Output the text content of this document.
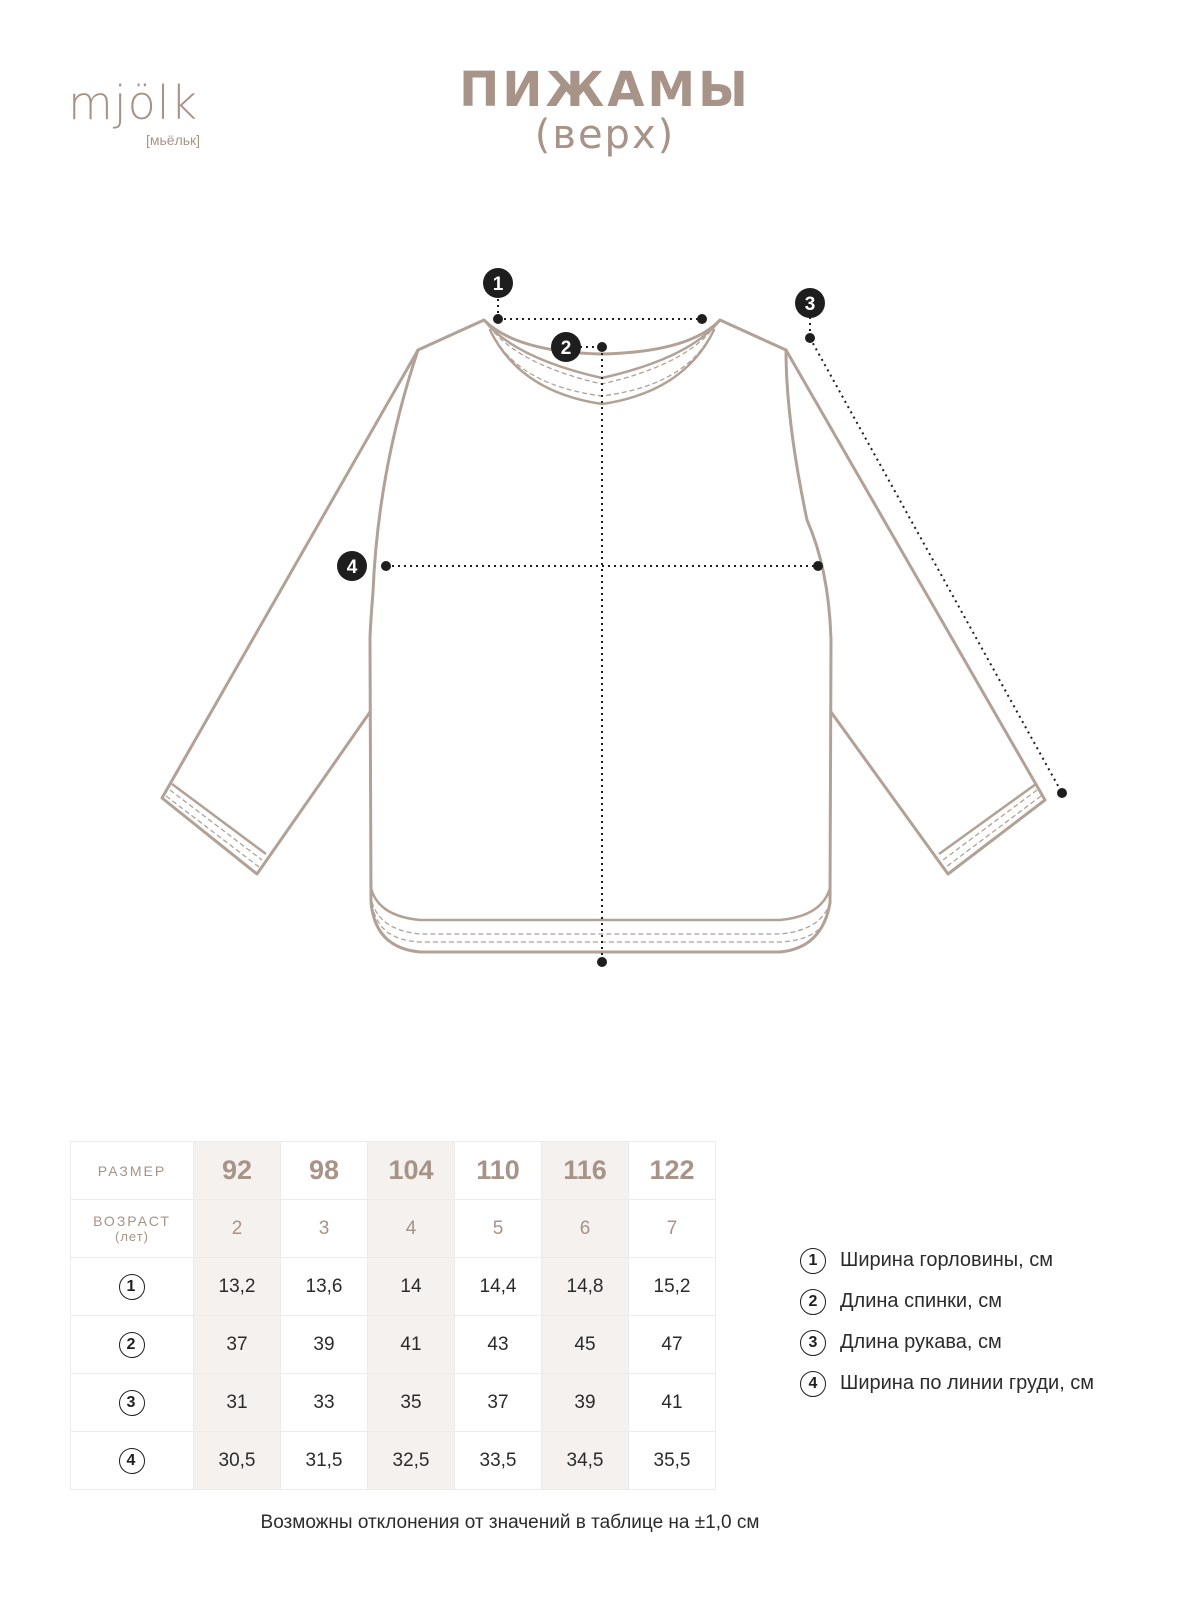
mjölk
[мьёльк]
ПИЖАМЫ
(верх)
1
2
3
4
РАЗМЕР	92	98	104	110	116	122
ВОЗРАСТ
(лет)	2	3	4	5	6	7
1	13,2	13,6	14	14,4	14,8	15,2
2	37	39	41	43	45	47
3	31	33	35	37	39	41
4	30,5	31,5	32,5	33,5	34,5	35,5
1	Ширина горловины, см
2	Длина спинки, см
3	Длина рукава, см
4	Ширина по линии груди, см
Возможны отклонения от значений в таблице на ±1,0 см
